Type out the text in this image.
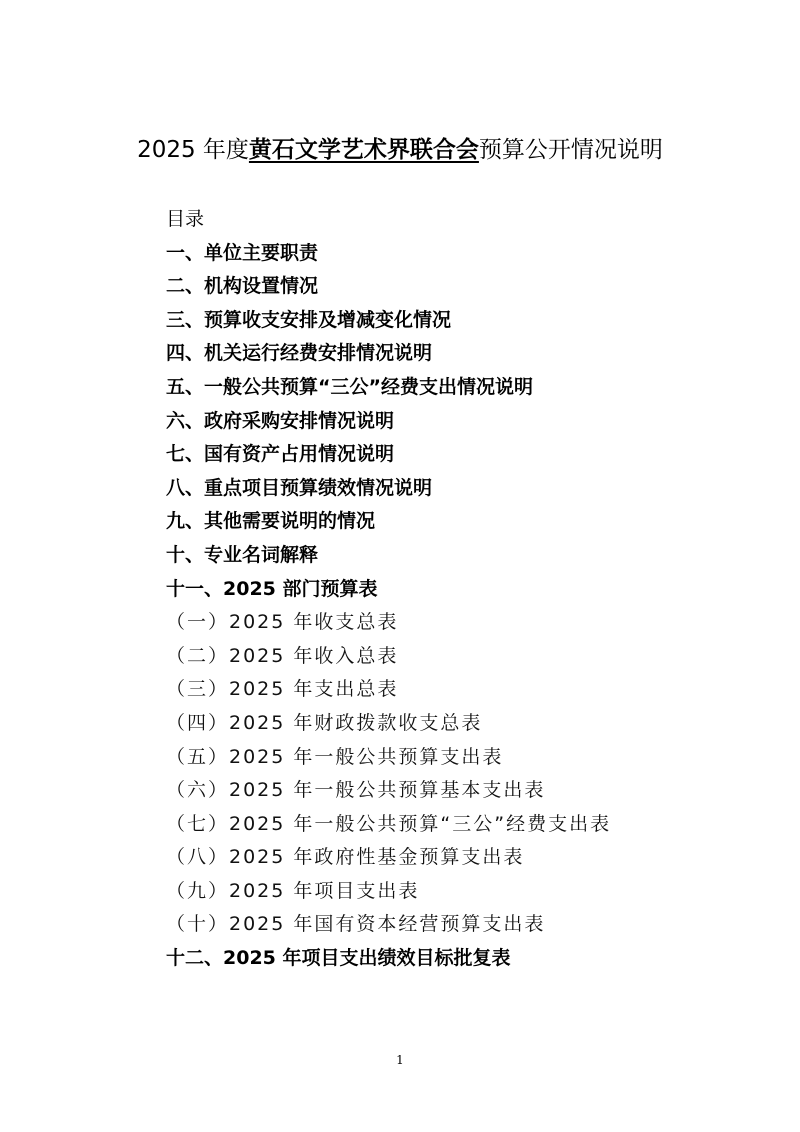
2025 年度黄石文学艺术界联合会预算公开情况说明
目录
一、单位主要职责
二、机构设置情况
三、预算收支安排及增减变化情况
四、机关运行经费安排情况说明
五、一般公共预算“三公”经费支出情况说明
六、政府采购安排情况说明
七、国有资产占用情况说明
八、重点项目预算绩效情况说明
九、其他需要说明的情况
十、专业名词解释
十一、2025 部门预算表
（一）2025 年收支总表
（二）2025 年收入总表
（三）2025 年支出总表
（四）2025 年财政拨款收支总表
（五）2025 年一般公共预算支出表
（六）2025 年一般公共预算基本支出表
（七）2025 年一般公共预算“三公”经费支出表
（八）2025 年政府性基金预算支出表
（九）2025 年项目支出表
（十）2025 年国有资本经营预算支出表
十二、2025 年项目支出绩效目标批复表
1
